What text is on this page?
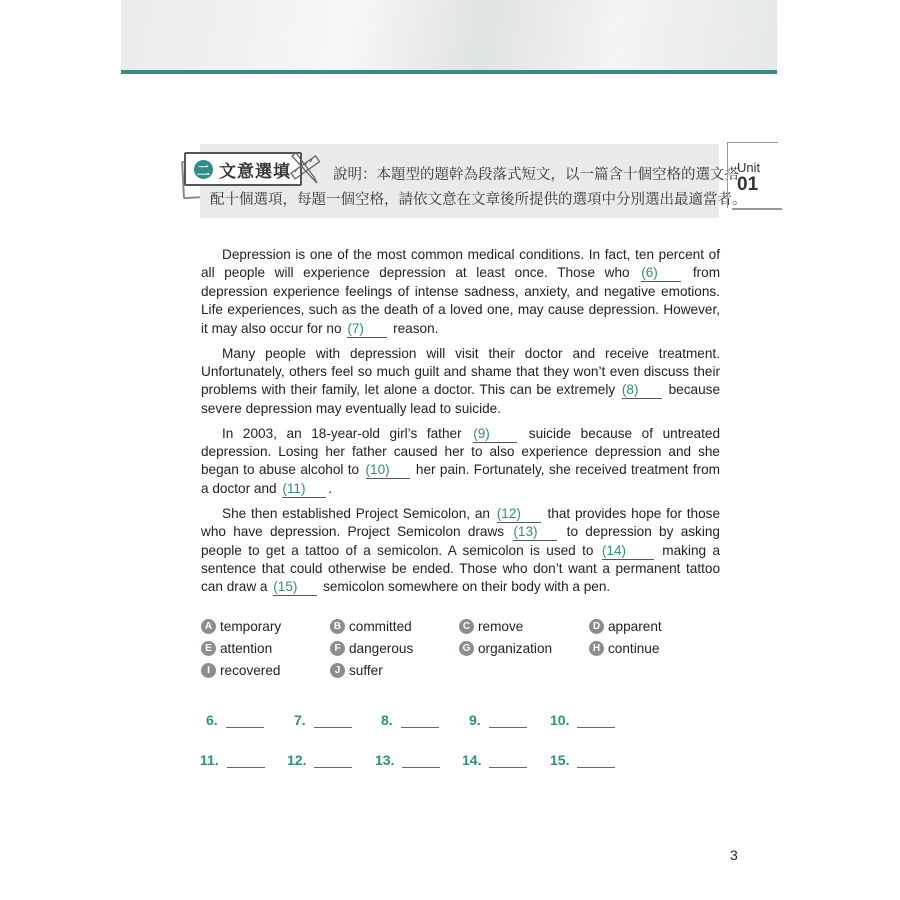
二 文意選填	說明：本題型的題幹為段落式短文，以一篇含十個空格的選文搭
配十個選項，每題一個空格，請依文意在文章後所提供的選項中分別選出最適當者。
Unit
01

Depression is one of the most common medical conditions. In fact, ten percent of all people will experience depression at least once. Those who (6)	from depression experience feelings of intense sadness, anxiety, and negative emotions. Life experiences, such as the death of a loved one, may cause depression. However, it may also occur for no (7) reason.

Many people with depression will visit their doctor and receive treatment. Unfortunately, others feel so much guilt and shame that they won’t even discuss their problems with their family, let alone a doctor. This can be extremely (8) because severe depression may eventually lead to suicide.

In 2003, an 18-year-old girl’s father (9)	suicide because of untreated depression. Losing her father caused her to also experience depression and she began to abuse alcohol to (10) her pain. Fortunately, she received treatment from a doctor and (11) .

She then established Project Semicolon, an (12) that provides hope for those who have depression. Project Semicolon draws (13) to depression by asking people to get a tattoo of a semicolon. A semicolon is used to (14)	making a sentence that could otherwise be ended. Those who don’t want a permanent tattoo can draw a (15) semicolon somewhere on their body with a pen.

A temporary	B committed	C remove	D apparent
E attention	F dangerous	G organization	H continue
I recovered	J suffer
6.	7.	8.	9.	10.
11.	12.	13.	14.	15.
3
